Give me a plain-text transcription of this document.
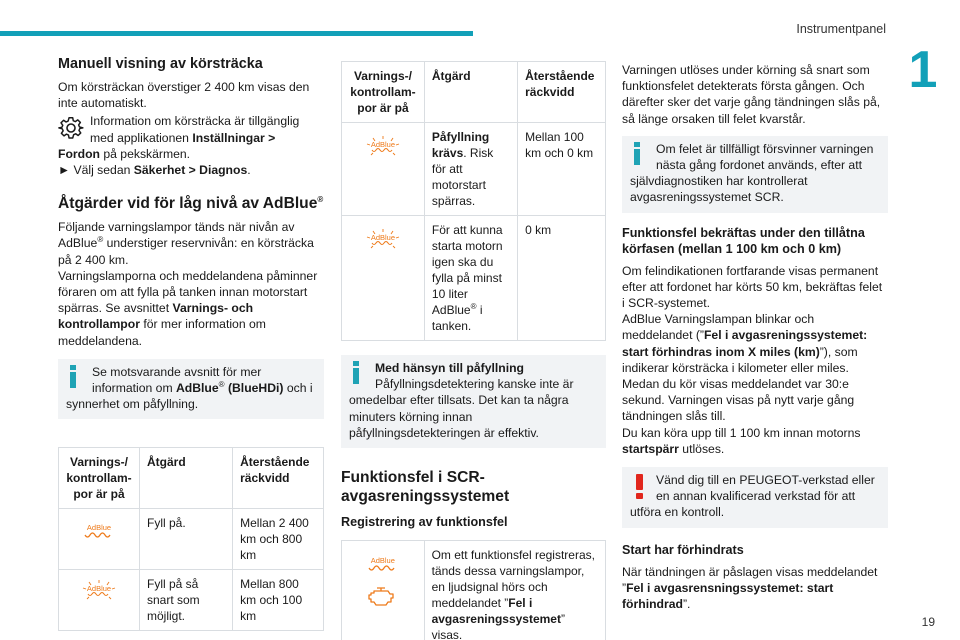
Instrumentpanel
1
19
Manuell visning av körsträcka

Om körsträckan överstiger 2 400 km visas den inte automatiskt.

Information om körsträcka är tillgänglig med applikationen Inställningar >
Fordon på pekskärmen.
► Välj sedan Säkerhet > Diagnos.
Åtgärder vid för låg nivå av AdBlue®

Följande varningslampor tänds när nivån av AdBlue® understiger reservnivån: en körsträcka på 2 400 km.

Varningslamporna och meddelandena påminner föraren om att fylla på tanken innan motorstart spärras. Se avsnittet Varnings- och kontrollampor för mer information om meddelandena.

Se motsvarande avsnitt för mer information om AdBlue® (BlueHDi) och i synnerhet om påfyllning.
Varnings-/ kontrollam-por är på	Åtgärd	Återstående räckvidd

AdBlue	Fyll på.	Mellan 2 400 km och 800 km

AdBlue	Fyll på så snart som möjligt.	Mellan 800 km och 100 km
Varnings-/ kontrollam-por är på	Åtgärd	Återstående räckvidd

AdBlue	Påfyllning krävs. Risk för att motorstart spärras.	Mellan 100 km och 0 km

AdBlue	För att kunna starta motorn igen ska du fylla på minst 10 liter AdBlue® i tanken.	0 km
Med hänsyn till påfyllning
Påfyllningsdetektering kanske inte är omedelbar efter tillsats. Det kan ta några minuters körning innan påfyllningsdetekteringen är effektiv.
Funktionsfel i SCR-avgasreningssystemet
Registrering av funktionsfel
AdBlue	Om ett funktionsfel registreras, tänds dessa varningslampor, en ljudsignal hörs och meddelandet ”Fel i avgasreningssystemet” visas.

Varningen utlöses under körning så snart som funktionsfelet detekterats första gången. Och därefter sker det varje gång tändningen slås på, så länge orsaken till felet kvarstår.

Om felet är tillfälligt försvinner varningen nästa gång fordonet används, efter att självdiagnostiken har kontrollerat avgasreningssystemet SCR.
Funktionsfel bekräftas under den tillåtna körfasen (mellan 1 100 km och 0 km)

Om felindikationen fortfarande visas permanent efter att fordonet har körts 50 km, bekräftas felet i SCR-systemet.

AdBlue Varningslampan blinkar och meddelandet (”Fel i avgasreningssystemet: start förhindras inom X miles (km)”), som indikerar körsträcka i kilometer eller miles.

Medan du kör visas meddelandet var 30:e sekund. Varningen visas på nytt varje gång tändningen slås till.

Du kan köra upp till 1 100 km innan motorns startspärr utlöses.

Vänd dig till en PEUGEOT-verkstad eller en annan kvalificerad verkstad för att utföra en kontroll.
Start har förhindrats

När tändningen är påslagen visas meddelandet ”Fel i avgasrensningssystemet: start förhindrad”.
